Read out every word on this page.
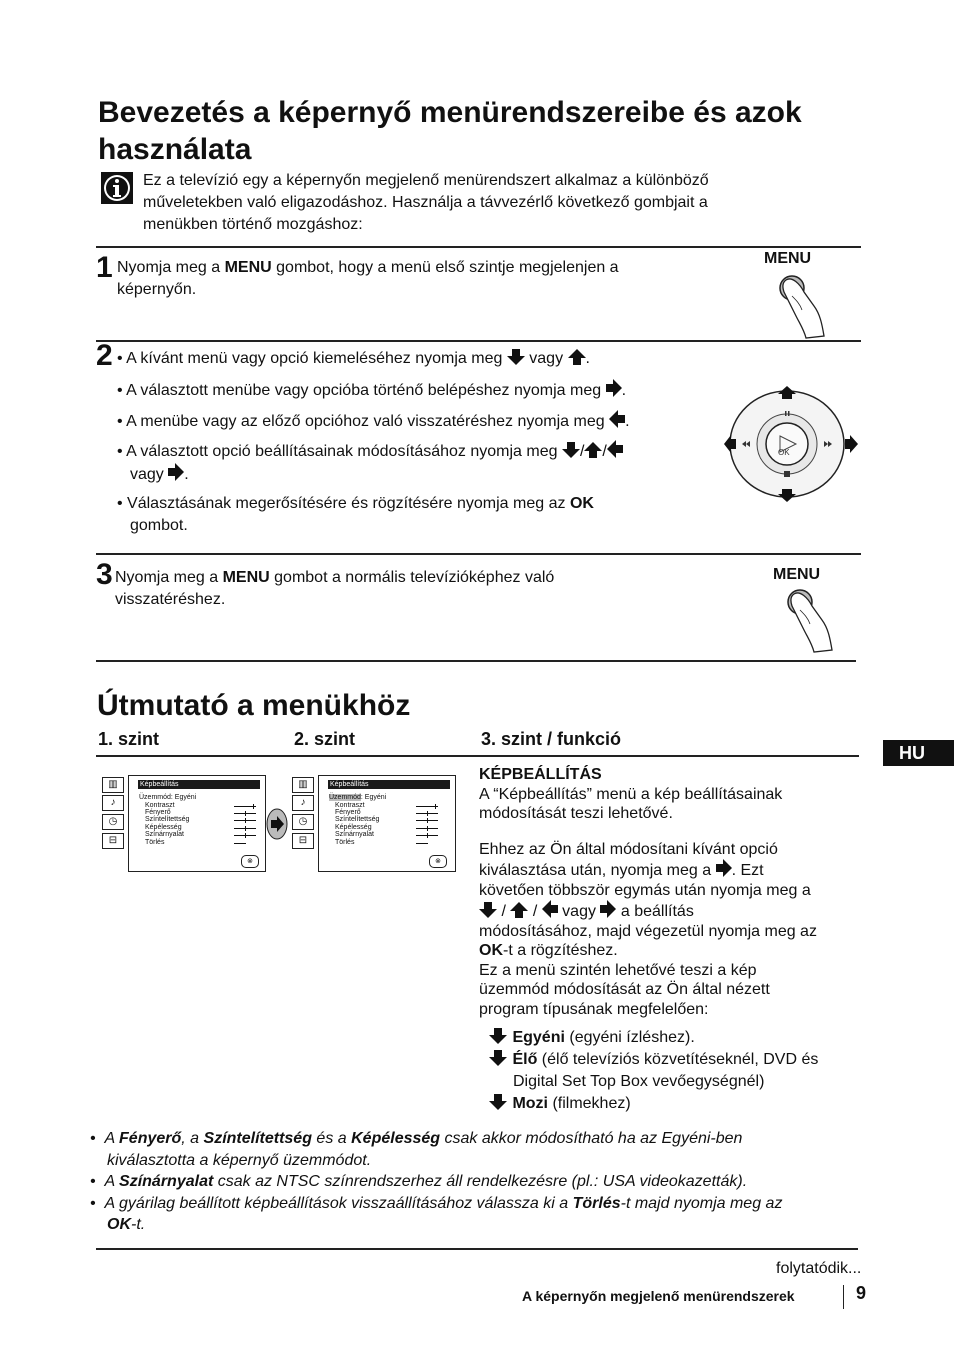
Bevezetés a képernyő menürendszereibe és azok
használata
Ez a televízió egy a képernyőn megjelenő menürendszert alkalmaz a különböző
műveletekben való eligazodáshoz. Használja a távvezérlő következő gombjait a
menükben történő mozgáshoz:
1 Nyomja meg a MENU gombot, hogy a menü első szintje megjelenjen a
képernyőn.
MENU
2 • A kívánt menü vagy opció kiemeléséhez nyomja meg vagy .
• A választott menübe vagy opcióba történő belépéshez nyomja meg .
• A menübe vagy az előző opcióhoz való visszatéréshez nyomja meg .
• A választott opció beállításainak módosításához nyomja meg / /
vagy .
• Választásának megerősítésére és rögzítésére nyomja meg az OK
gombot.
OK
3 Nyomja meg a MENU gombot a normális televízióképhez való
visszatéréshez.
MENU
Útmutató a menükhöz
1. szint	2. szint	3. szint / funkció
HU
▥
♪
◷
⊟
Képbeállítás
Üzemmód: Egyéni
Kontraszt
Fényerő
Színtelítettség
Képélesség
Színárnyalat
Törlés
⊗
▥
♪
◷
⊟
Képbeállítás
Üzemmód: Egyéni
Kontraszt
Fényerő
Színtelítettség
Képélesség
Színárnyalat
Törlés
⊗
KÉPBEÁLLÍTÁS
A “Képbeállítás” menü a kép beállításainak
módosítását teszi lehetővé.
Ehhez az Ön által módosítani kívánt opció
kiválasztása után, nyomja meg a . Ezt
követően többször egymás után nyomja meg a
/ / vagy a beállítás
módosításához, majd végezetül nyomja meg az
OK-t a rögzítéshez.
Ez a menü szintén lehetővé teszi a kép
üzemmód módosítását az Ön által nézett
program típusának megfelelően:
Egyéni (egyéni ízléshez).
Élő (élő televíziós közvetítéseknél, DVD és
Digital Set Top Box vevőegységnél)
Mozi (filmekhez)
•  A Fényerő, a Színtelítettség és a Képélesség csak akkor módosítható ha az Egyéni-ben
kiválasztotta a képernyő üzemmódot.
•  A Színárnyalat csak az NTSC színrendszerhez áll rendelkezésre (pl.: USA videokazetták).
•  A gyárilag beállított képbeállítások visszaállításához válassza ki a Törlés-t majd nyomja meg az
OK-t.
folytatódik...
A képernyőn megjelenő menürendszerek	9
